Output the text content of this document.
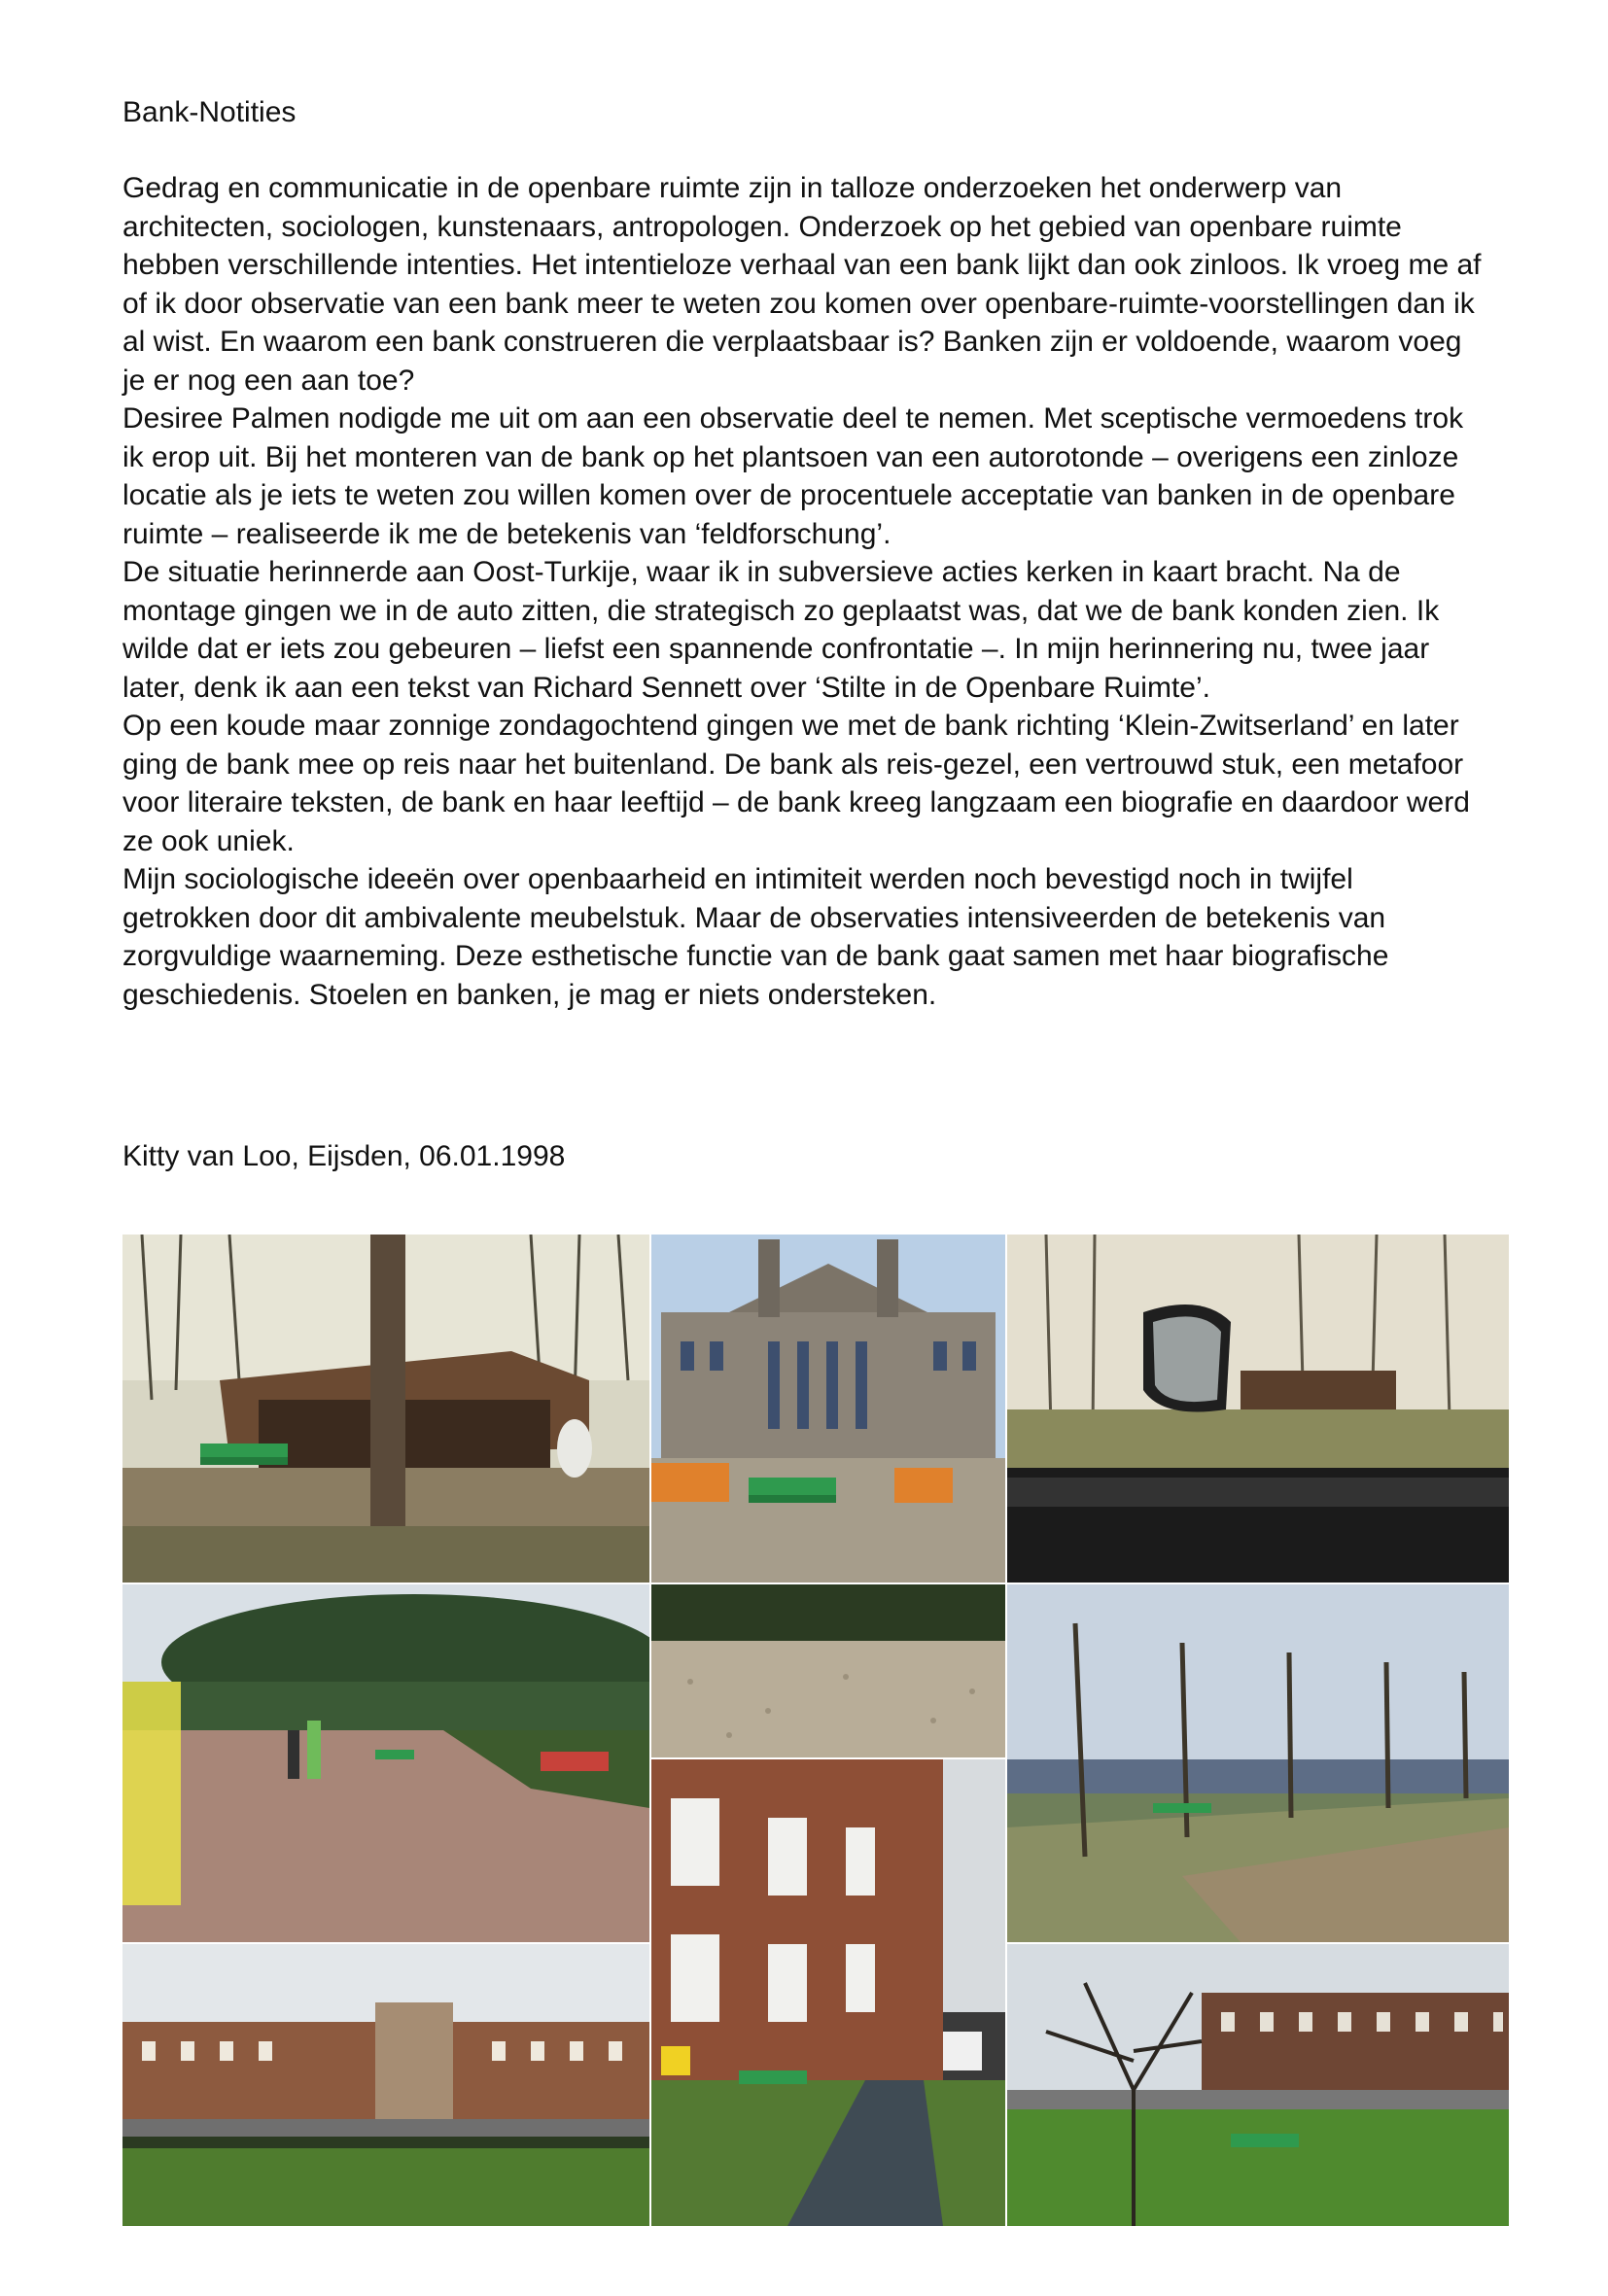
Bank-Notities

Gedrag en communicatie in de openbare ruimte zijn in talloze onderzoeken het onderwerp van architecten, sociologen, kunstenaars, antropologen. Onderzoek op het gebied van openbare ruimte hebben verschillende intenties. Het intentieloze verhaal van een bank lijkt dan ook zinloos. Ik vroeg me af of ik door observatie van een bank meer te weten zou komen over openbare-ruimte-voorstellingen dan ik al wist. En waarom een bank construeren die verplaatsbaar is? Banken zijn er voldoende, waarom voeg je er nog een aan toe?

Desiree Palmen nodigde me uit om aan een observatie deel te nemen. Met sceptische vermoedens trok ik erop uit. Bij het monteren van de bank op het plantsoen van een autorotonde – overigens een zinloze locatie als je iets te weten zou willen komen over de procentuele acceptatie van banken in de openbare ruimte – realiseerde ik me de betekenis van ‘feldforschung’.

De situatie herinnerde aan Oost-Turkije, waar ik in subversieve acties kerken in kaart bracht. Na de montage gingen we in de auto zitten, die strategisch zo geplaatst was, dat we de bank konden zien. Ik wilde dat er iets zou gebeuren – liefst een spannende confrontatie –. In mijn herinnering nu, twee jaar later, denk ik aan een tekst van Richard Sennett over ‘Stilte in de Openbare Ruimte’.

Op een koude maar zonnige zondagochtend gingen we met de bank richting ‘Klein-Zwitserland’ en later ging de bank mee op reis naar het buitenland. De bank als reis-gezel, een vertrouwd stuk, een metafoor voor literaire teksten, de bank en haar leeftijd – de bank kreeg langzaam een biografie en daardoor werd ze ook uniek.

Mijn sociologische ideeën over openbaarheid en intimiteit werden noch bevestigd noch in twijfel getrokken door dit ambivalente meubelstuk. Maar de observaties intensiveerden de betekenis van zorgvuldige waarneming. Deze esthetische functie van de bank gaat samen met haar biografische geschiedenis. Stoelen en banken, je mag er niets ondersteken.

Kitty van Loo, Eijsden, 06.01.1998
